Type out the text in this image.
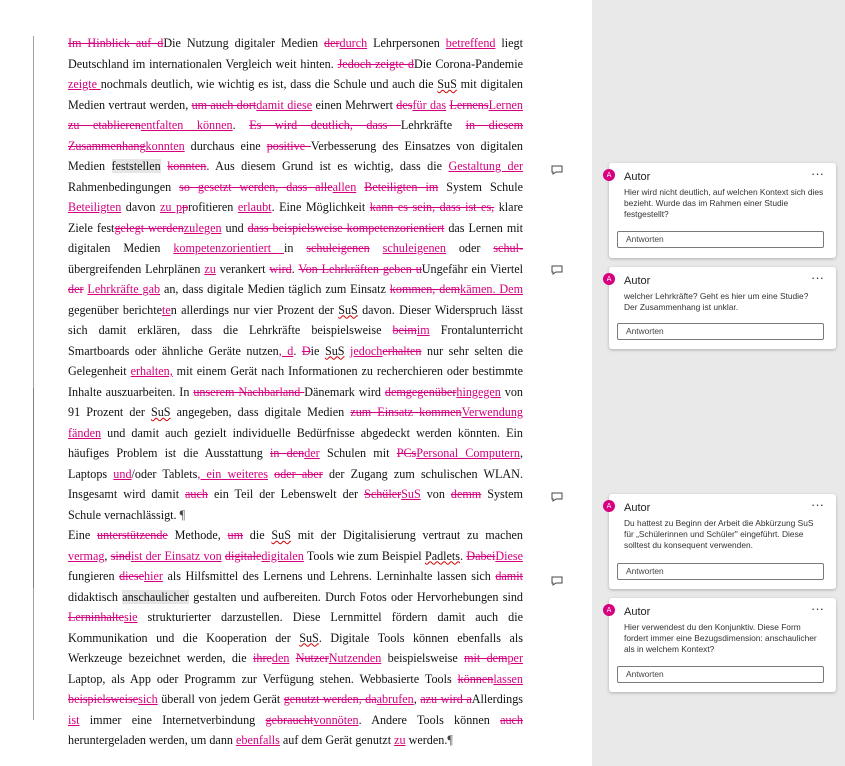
Im Hinblick auf dDie Nutzung digitaler Medien derdurch Lehrpersonen betreffend liegt Deutschland im internationalen Vergleich weit hinten. Jedoch zeigte dDie Corona-Pandemie zeigte nochmals deutlich, wie wichtig es ist, dass die Schule und auch die SuS mit digitalen Medien vertraut werden, um auch dortdamit diese einen Mehrwert desfür das LernensLernen zu etablierenentfalten können. Es wird deutlich, dass Lehrkräfte in diesem Zusammenhangkonnten durchaus eine positive Verbesserung des Einsatzes von digitalen Medien feststellen konnten. Aus diesem Grund ist es wichtig, dass die Gestaltung der Rahmenbedingungen so gesetzt werden, dass alleallen Beteiligten im System Schule Beteiligten davon zu pprofitieren erlaubt. Eine Möglichkeit kann es sein, dass ist es, klare Ziele festgelegt werdenzulegen und dass beispielsweise kompetenzorientiert das Lernen mit digitalen Medien kompetenzorientiert in schuleigenen schuleigenen oder schul-übergreifenden Lehrplänen zu verankert wird. Von Lehrkräften geben uUngefähr ein Viertel der Lehrkräfte gab an, dass digitale Medien täglich zum Einsatz kommen, demkämen. Dem gegenüber berichteten allerdings nur vier Prozent der SuS davon. Dieser Widerspruch lässt sich damit erklären, dass die Lehrkräfte beispielsweise beimim Frontalunterricht Smartboards oder ähnliche Geräte nutzen, d. Die SuS jedocherhalten nur sehr selten die Gelegenheit erhalten, mit einem Gerät nach Informationen zu recherchieren oder bestimmte Inhalte auszuarbeiten. In unserem Nachbarland Dänemark wird demgegenüberhingegen von 91 Prozent der SuS angegeben, dass digitale Medien zum Einsatz kommenVerwendung fänden und damit auch gezielt individuelle Bedürfnisse abgedeckt werden könnten. Ein häufiges Problem ist die Ausstattung in dender Schulen mit PCsPersonal Computern, Laptops und/oder Tablets, ein weiteres oder aber der Zugang zum schulischen WLAN. Insgesamt wird damit auch ein Teil der Lebenswelt der SchülerSuS von demm System Schule vernachlässigt. ¶

Eine unterstützende Methode, um die SuS mit der Digitalisierung vertraut zu machen vermag, sindist der Einsatz von digitaledigitalen Tools wie zum Beispiel Padlets. DabeiDiese fungieren diesehier als Hilfsmittel des Lernens und Lehrens. Lerninhalte lassen sich damit didaktisch anschaulicher gestalten und aufbereiten. Durch Fotos oder Hervorhebungen sind Lerninhaltesie strukturierter darzustellen. Diese Lernmittel fördern damit auch die Kommunikation und die Kooperation der SuS. Digitale Tools können ebenfalls als Werkzeuge bezeichnet werden, die ihreden NutzerNutzenden beispielsweise mit demper Laptop, als App oder Programm zur Verfügung stehen. Webbasierte Tools könnenlassen beispielsweisesich überall von jedem Gerät genutzt werden, daabrufen, azu wird aAllerdings ist immer eine Internetverbindung gebrauchtvonnöten. Andere Tools können auch heruntergeladen werden, um dann ebenfalls auf dem Gerät genutzt zu werden.¶

A	Autor	···
Hier wird nicht deutlich, auf welchen Kontext sich dies bezieht. Wurde das im Rahmen einer Studie festgestellt?
Antworten
A	Autor	···
welcher Lehrkräfte? Geht es hier um eine Studie? Der Zusammenhang ist unklar.
Antworten
A	Autor	···
Du hattest zu Beginn der Arbeit die Abkürzung SuS für „Schülerinnen und Schüler" eingeführt. Diese solltest du konsequent verwenden.
Antworten
A	Autor	···
Hier verwendest du den Konjunktiv. Diese Form fordert immer eine Bezugsdimension: anschaulicher als in welchem Kontext?
Antworten
